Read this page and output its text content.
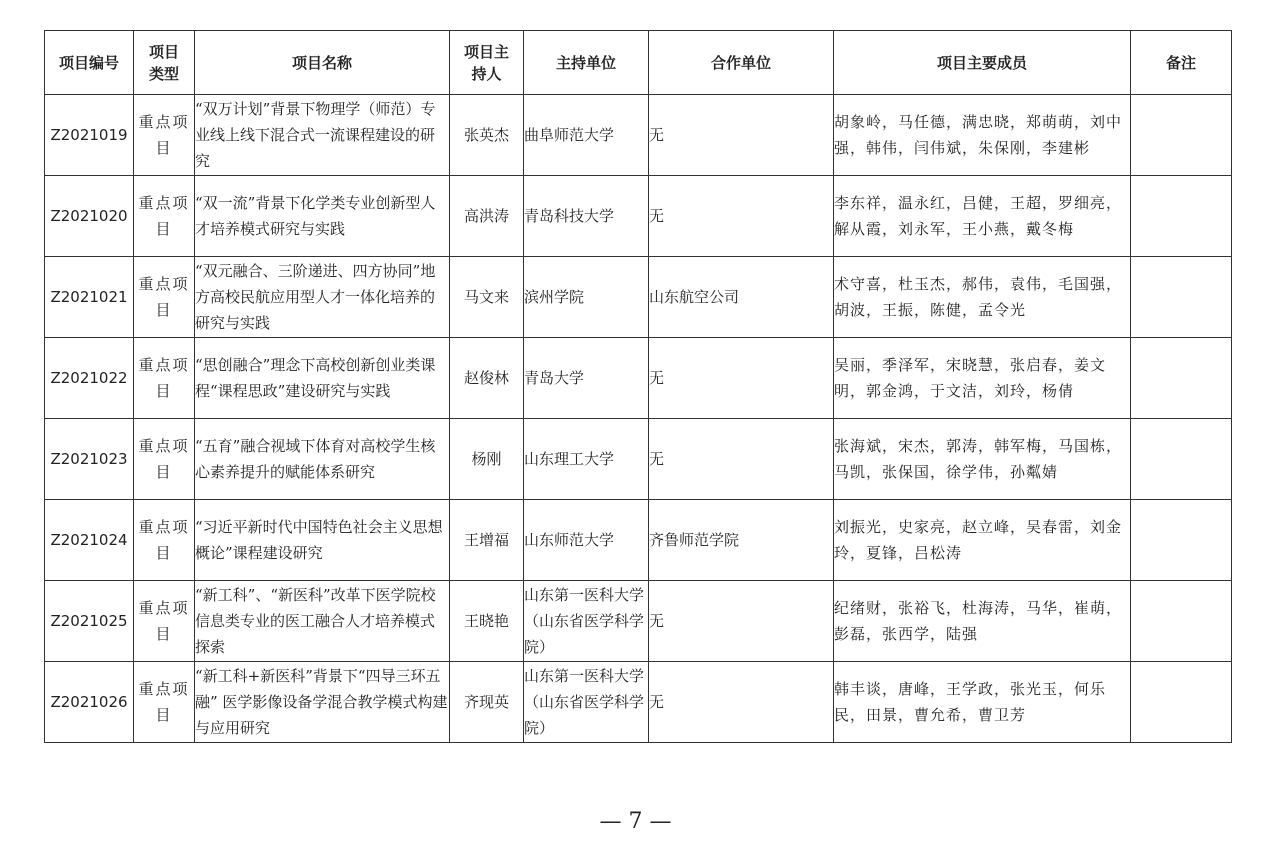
项目编号	项目类型	项目名称	项目主持人	主持单位	合作单位	项目主要成员	备注
Z2021019	重点项目	“双万计划”背景下物理学（师范）专业线上线下混合式一流课程建设的研究	张英杰	曲阜师范大学	无	胡象岭，马任德，满忠晓，郑萌萌，刘中强，韩伟，闫伟斌，朱保刚，李建彬	
Z2021020	重点项目	“双一流”背景下化学类专业创新型人才培养模式研究与实践	高洪涛	青岛科技大学	无	李东祥，温永红，吕健，王超，罗细亮，解从霞，刘永军，王小燕，戴冬梅	
Z2021021	重点项目	“双元融合、三阶递进、四方协同”地方高校民航应用型人才一体化培养的研究与实践	马文来	滨州学院	山东航空公司	术守喜，杜玉杰，郝伟，袁伟，毛国强，胡波，王振，陈健，孟令光	
Z2021022	重点项目	“思创融合”理念下高校创新创业类课程“课程思政”建设研究与实践	赵俊林	青岛大学	无	吴丽，季泽军，宋晓慧，张启春，姜文明，郭金鸿，于文洁，刘玲，杨倩	
Z2021023	重点项目	“五育”融合视域下体育对高校学生核心素养提升的赋能体系研究	杨刚	山东理工大学	无	张海斌，宋杰，郭涛，韩军梅，马国栋，马凯，张保国，徐学伟，孙粼婧	
Z2021024	重点项目	“习近平新时代中国特色社会主义思想概论”课程建设研究	王增福	山东师范大学	齐鲁师范学院	刘振光，史家亮，赵立峰，吴春雷，刘金玲，夏锋，吕松涛	
Z2021025	重点项目	“新工科”、“新医科”改革下医学院校信息类专业的医工融合人才培养模式探索	王晓艳	山东第一医科大学（山东省医学科学院）	无	纪绪财，张裕飞，杜海涛，马华，崔萌，彭磊，张西学，陆强	
Z2021026	重点项目	“新工科+新医科”背景下“四导三环五融” 医学影像设备学混合教学模式构建与应用研究	齐现英	山东第一医科大学（山东省医学科学院）	无	韩丰谈，唐峰，王学政，张光玉，何乐民，田景，曹允希，曹卫芳	
— 7 —
